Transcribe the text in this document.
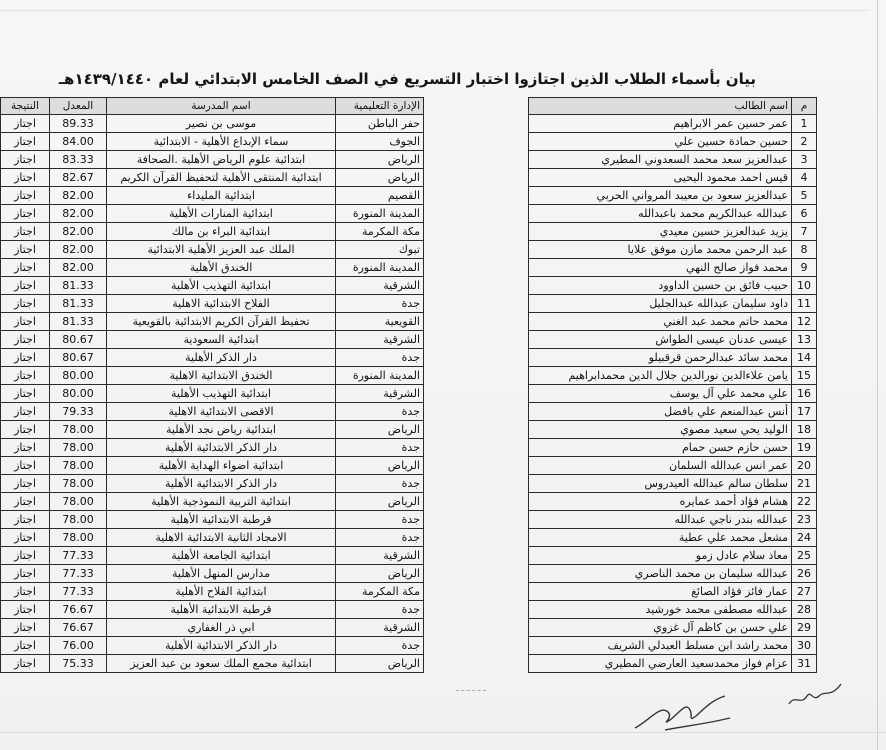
بيان بأسماء الطلاب الذين اجتازوا اختبار التسريع في الصف الخامس الابتدائي لعام ١٤٣٩/١٤٤٠هـ
النتيجة	المعدل	اسم المدرسة	الإدارة التعليمية
اجتاز	89.33	موسى بن نصير	حفر الباطن
اجتاز	84.00	سماء الإبداع الأهلية - الابتدائية	الجوف
اجتاز	83.33	ابتدائية علوم الرياض الأهلية .الصحافة	الرياض
اجتاز	82.67	ابتدائية المنتقى الأهلية لتحفيظ القرآن الكريم	الرياض
اجتاز	82.00	ابتدائية المليداء	القصيم
اجتاز	82.00	ابتدائية المنارات الأهلية	المدينة المنورة
اجتاز	82.00	ابتدائية البراء بن مالك	مكة المكرمة
اجتاز	82.00	الملك عبد العزيز الأهلية الابتدائية	تبوك
اجتاز	82.00	الخندق الأهلية	المدينة المنورة
اجتاز	81.33	ابتدائية التهذيب الأهلية	الشرقية
اجتاز	81.33	الفلاح الابتدائية الاهلية	جدة
اجتاز	81.33	تحفيظ القرآن الكريم الابتدائية بالقويعية	القويعية
اجتاز	80.67	ابتدائية السعودية	الشرقية
اجتاز	80.67	دار الذكر الأهلية	جدة
اجتاز	80.00	الخندق الابتدائية الاهلية	المدينة المنورة
اجتاز	80.00	ابتدائية التهذيب الأهلية	الشرقية
اجتاز	79.33	الاقصى الابتدائية الاهلية	جدة
اجتاز	78.00	ابتدائية رياض نجد الأهلية	الرياض
اجتاز	78.00	دار الذكر الابتدائية الأهلية	جدة
اجتاز	78.00	ابتدائية اضواء الهداية الأهلية	الرياض
اجتاز	78.00	دار الذكر الابتدائية الأهلية	جدة
اجتاز	78.00	ابتدائية التربية النموذجية الأهلية	الرياض
اجتاز	78.00	قرطبة الابتدائية الأهلية	جدة
اجتاز	78.00	الامجاد الثانية الابتدائية الاهلية	جدة
اجتاز	77.33	ابتدائية الجامعة الأهلية	الشرقية
اجتاز	77.33	مدارس المنهل الأهلية	الرياض
اجتاز	77.33	ابتدائية الفلاح الأهلية	مكة المكرمة
اجتاز	76.67	قرطبة الابتدائية الأهلية	جدة
اجتاز	76.67	ابي ذر الغفاري	الشرقية
اجتاز	76.00	دار الذكر الابتدائية الأهلية	جدة
اجتاز	75.33	ابتدائية مجمع الملك سعود بن عبد العزيز	الرياض
اسم الطالب	م
عمر حسين عمر الابراهيم	1
حسين حمادة حسين علي	2
عبدالعزيز سعد محمد السعدوني المطيري	3
قيس احمد محمود اليحيى	4
عبدالعزيز سعود بن معيبد المرواني الحربي	5
عبدالله عبدالكريم محمد باعبدالله	6
يزيد عبدالعزيز حسين معيدي	7
عبد الرحمن محمد مازن موفق علايا	8
محمد فواز صالح النهي	9
حبيب فائق بن حسين الداوود	10
داود سليمان عبدالله عبدالجليل	11
محمد حاتم محمد عبد الغني	12
عيسى عدنان عيسى الطواش	13
محمد سائد عبدالرحمن قرقبيلو	14
يامن علاءالدين نورالدين جلال الدين محمدابراهيم	15
علي محمد علي آل يوسف	16
أنس عبدالمنعم علي بافضل	17
الوليد يحي سعيد مصوي	18
حسن حازم حسن حمام	19
عمر انس عبدالله السلمان	20
سلطان سالم عبدالله العيدروس	21
هشام فؤاد أحمد عمايره	22
عبدالله بندر ناجي عبدالله	23
مشعل محمد علي عطية	24
معاذ سلام عادل زمو	25
عبدالله سليمان بن محمد الناصري	26
عمار فائز فؤاد الصائغ	27
عبدالله مصطفى محمد خورشيد	28
علي حسن بن كاظم آل غزوي	29
محمد راشد ابن مسلط العبدلي الشريف	30
عزام فواز محمدسعيد العارضي المطيري	31
